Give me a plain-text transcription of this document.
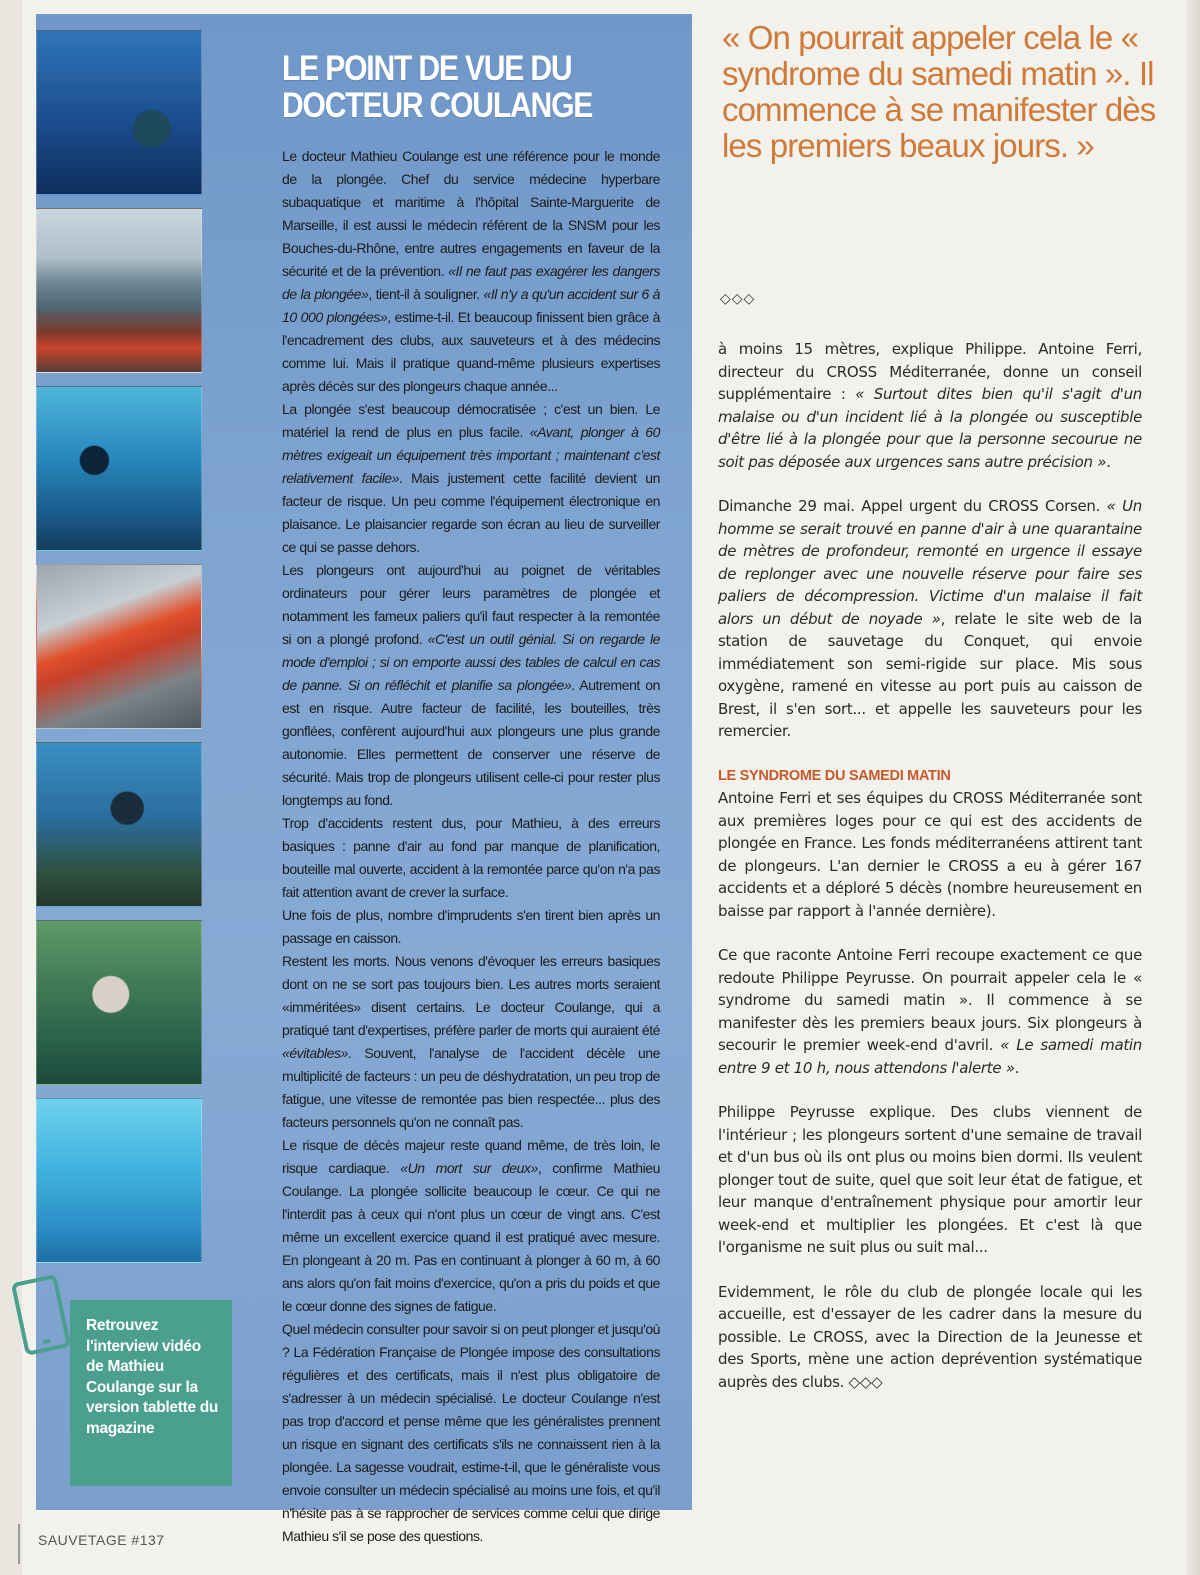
Retrouvez l'interview vidéo de Mathieu Coulange sur la version tablette du magazine
LE POINT DE VUE DU DOCTEUR COULANGE

Le docteur Mathieu Coulange est une référence pour le monde de la plongée. Chef du service médecine hyperbare subaquatique et maritime à l'hôpital Sainte-Marguerite de Marseille, il est aussi le médecin référent de la SNSM pour les Bouches-du-Rhône, entre autres engagements en faveur de la sécurité et de la prévention. «Il ne faut pas exagérer les dangers de la plongée», tient-il à souligner. «Il n'y a qu'un accident sur 6 à 10 000 plongées», estime-t-il. Et beaucoup finissent bien grâce à l'encadrement des clubs, aux sauveteurs et à des médecins comme lui. Mais il pratique quand-même plusieurs expertises après décès sur des plongeurs chaque année...

La plongée s'est beaucoup démocratisée ; c'est un bien. Le matériel la rend de plus en plus facile. «Avant, plonger à 60 mètres exigeait un équipement très important ; maintenant c'est relativement facile». Mais justement cette facilité devient un facteur de risque. Un peu comme l'équipement électronique en plaisance. Le plaisancier regarde son écran au lieu de surveiller ce qui se passe dehors.

Les plongeurs ont aujourd'hui au poignet de véritables ordinateurs pour gérer leurs paramètres de plongée et notamment les fameux paliers qu'il faut respecter à la remontée si on a plongé profond. «C'est un outil génial. Si on regarde le mode d'emploi ; si on emporte aussi des tables de calcul en cas de panne. Si on réfléchit et planifie sa plongée». Autrement on est en risque. Autre facteur de facilité, les bouteilles, très gonflées, confèrent aujourd'hui aux plongeurs une plus grande autonomie. Elles permettent de conserver une réserve de sécurité. Mais trop de plongeurs utilisent celle-ci pour rester plus longtemps au fond.

Trop d'accidents restent dus, pour Mathieu, à des erreurs basiques : panne d'air au fond par manque de planification, bouteille mal ouverte, accident à la remontée parce qu'on n'a pas fait attention avant de crever la surface.

Une fois de plus, nombre d'imprudents s'en tirent bien après un passage en caisson.

Restent les morts. Nous venons d'évoquer les erreurs basiques dont on ne se sort pas toujours bien. Les autres morts seraient «imméritées» disent certains. Le docteur Coulange, qui a pratiqué tant d'expertises, préfère parler de morts qui auraient été «évitables». Souvent, l'analyse de l'accident décèle une multiplicité de facteurs : un peu de déshydratation, un peu trop de fatigue, une vitesse de remontée pas bien respectée... plus des facteurs personnels qu'on ne connaît pas.

Le risque de décès majeur reste quand même, de très loin, le risque cardiaque. «Un mort sur deux», confirme Mathieu Coulange. La plongée sollicite beaucoup le cœur. Ce qui ne l'interdit pas à ceux qui n'ont plus un cœur de vingt ans. C'est même un excellent exercice quand il est pratiqué avec mesure. En plongeant à 20 m. Pas en continuant à plonger à 60 m, à 60 ans alors qu'on fait moins d'exercice, qu'on a pris du poids et que le cœur donne des signes de fatigue.

Quel médecin consulter pour savoir si on peut plonger et jusqu'où ? La Fédération Française de Plongée impose des consultations régulières et des certificats, mais il n'est plus obligatoire de s'adresser à un médecin spécialisé. Le docteur Coulange n'est pas trop d'accord et pense même que les généralistes prennent un risque en signant des certificats s'ils ne connaissent rien à la plongée. La sagesse voudrait, estime-t-il, que le généraliste vous envoie consulter un médecin spécialisé au moins une fois, et qu'il n'hésite pas à se rapprocher de services comme celui que dirige Mathieu s'il se pose des questions.

« On pourrait appeler cela le « syndrome du samedi matin ». Il commence à se manifester dès les premiers beaux jours. »
◇◇◇

à moins 15 mètres, explique Philippe. Antoine Ferri, directeur du CROSS Méditerranée, donne un conseil supplémentaire : « Surtout dites bien qu'il s'agit d'un malaise ou d'un incident lié à la plongée ou susceptible d'être lié à la plongée pour que la personne secourue ne soit pas déposée aux urgences sans autre précision ».

Dimanche 29 mai. Appel urgent du CROSS Corsen. « Un homme se serait trouvé en panne d'air à une quarantaine de mètres de profondeur, remonté en urgence il essaye de replonger avec une nouvelle réserve pour faire ses paliers de décompression. Victime d'un malaise il fait alors un début de noyade », relate le site web de la station de sauvetage du Conquet, qui envoie immédiatement son semi-rigide sur place. Mis sous oxygène, ramené en vitesse au port puis au caisson de Brest, il s'en sort... et appelle les sauveteurs pour les remercier.

LE SYNDROME DU SAMEDI MATIN

Antoine Ferri et ses équipes du CROSS Méditerranée sont aux premières loges pour ce qui est des accidents de plongée en France. Les fonds méditerranéens attirent tant de plongeurs. L'an dernier le CROSS a eu à gérer 167 accidents et a déploré 5 décès (nombre heureusement en baisse par rapport à l'année dernière).

Ce que raconte Antoine Ferri recoupe exactement ce que redoute Philippe Peyrusse. On pourrait appeler cela le « syndrome du samedi matin ». Il commence à se manifester dès les premiers beaux jours. Six plongeurs à secourir le premier week-end d'avril. « Le samedi matin entre 9 et 10 h, nous attendons l'alerte ».

Philippe Peyrusse explique. Des clubs viennent de l'intérieur ; les plongeurs sortent d'une semaine de travail et d'un bus où ils ont plus ou moins bien dormi. Ils veulent plonger tout de suite, quel que soit leur état de fatigue, et leur manque d'entraînement physique pour amortir leur week-end et multiplier les plongées. Et c'est là que l'organisme ne suit plus ou suit mal...

Evidemment, le rôle du club de plongée locale qui les accueille, est d'essayer de les cadrer dans la mesure du possible. Le CROSS, avec la Direction de la Jeunesse et des Sports, mène une action deprévention systématique auprès des clubs. ◇◇◇

SAUVETAGE #137
